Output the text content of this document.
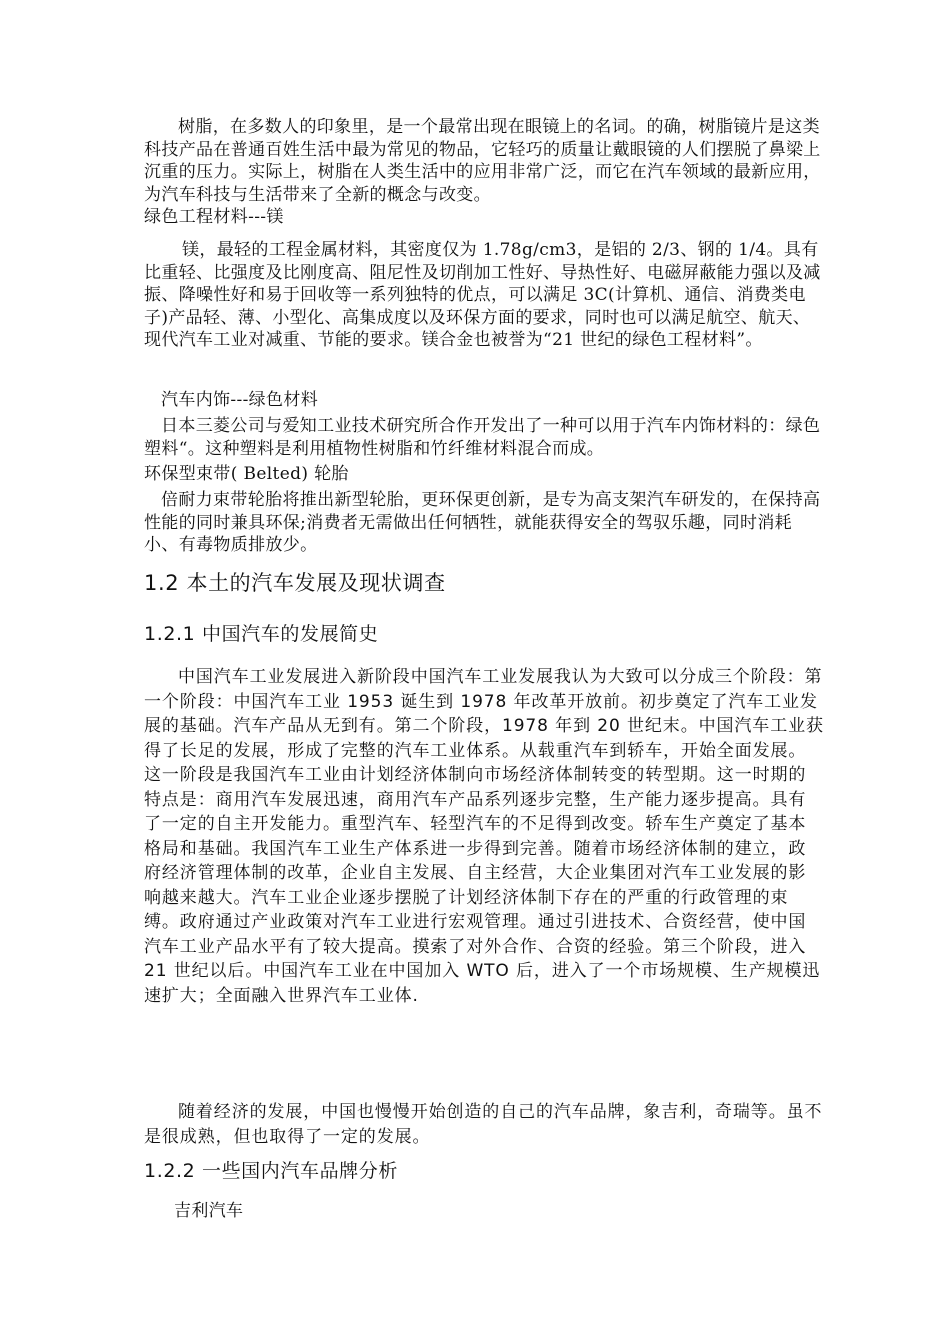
树脂，在多数人的印象里，是一个最常出现在眼镜上的名词。的确，树脂镜片是这类科技产品在普通百姓生活中最为常见的物品，它轻巧的质量让戴眼镜的人们摆脱了鼻梁上沉重的压力。实际上，树脂在人类生活中的应用非常广泛，而它在汽车领域的最新应用，为汽车科技与生活带来了全新的概念与改变。

绿色工程材料---镁

镁，最轻的工程金属材料，其密度仅为 1.78g/cm3，是铝的 2/3、钢的 1/4。具有比重轻、比强度及比刚度高、阻尼性及切削加工性好、导热性好、电磁屏蔽能力强以及减振、降噪性好和易于回收等一系列独特的优点，可以满足 3C(计算机、通信、消费类电子)产品轻、薄、小型化、高集成度以及环保方面的要求，同时也可以满足航空、航天、现代汽车工业对减重、节能的要求。镁合金也被誉为“21 世纪的绿色工程材料”。

汽车内饰---绿色材料

日本三菱公司与爱知工业技术研究所合作开发出了一种可以用于汽车内饰材料的：绿色塑料“。这种塑料是利用植物性树脂和竹纤维材料混合而成。

环保型束带( Belted) 轮胎

倍耐力束带轮胎将推出新型轮胎，更环保更创新，是专为高支架汽车研发的，在保持高性能的同时兼具环保;消费者无需做出任何牺牲，就能获得安全的驾驭乐趣，同时消耗小、有毒物质排放少。

1.2 本土的汽车发展及现状调查
1.2.1 中国汽车的发展简史

中国汽车工业发展进入新阶段中国汽车工业发展我认为大致可以分成三个阶段：第一个阶段：中国汽车工业 1953 诞生到 1978 年改革开放前。初步奠定了汽车工业发展的基础。汽车产品从无到有。第二个阶段，1978 年到 20 世纪末。中国汽车工业获得了长足的发展，形成了完整的汽车工业体系。从载重汽车到轿车，开始全面发展。这一阶段是我国汽车工业由计划经济体制向市场经济体制转变的转型期。这一时期的特点是：商用汽车发展迅速，商用汽车产品系列逐步完整，生产能力逐步提高。具有了一定的自主开发能力。重型汽车、轻型汽车的不足得到改变。轿车生产奠定了基本格局和基础。我国汽车工业生产体系进一步得到完善。随着市场经济体制的建立，政府经济管理体制的改革，企业自主发展、自主经营，大企业集团对汽车工业发展的影响越来越大。汽车工业企业逐步摆脱了计划经济体制下存在的严重的行政管理的束缚。政府通过产业政策对汽车工业进行宏观管理。通过引进技术、合资经营，使中国汽车工业产品水平有了较大提高。摸索了对外合作、合资的经验。第三个阶段，进入 21 世纪以后。中国汽车工业在中国加入 WTO 后，进入了一个市场规模、生产规模迅速扩大；全面融入世界汽车工业体.

随着经济的发展，中国也慢慢开始创造的自己的汽车品牌，象吉利，奇瑞等。虽不是很成熟，但也取得了一定的发展。

1.2.2 一些国内汽车品牌分析

吉利汽车
